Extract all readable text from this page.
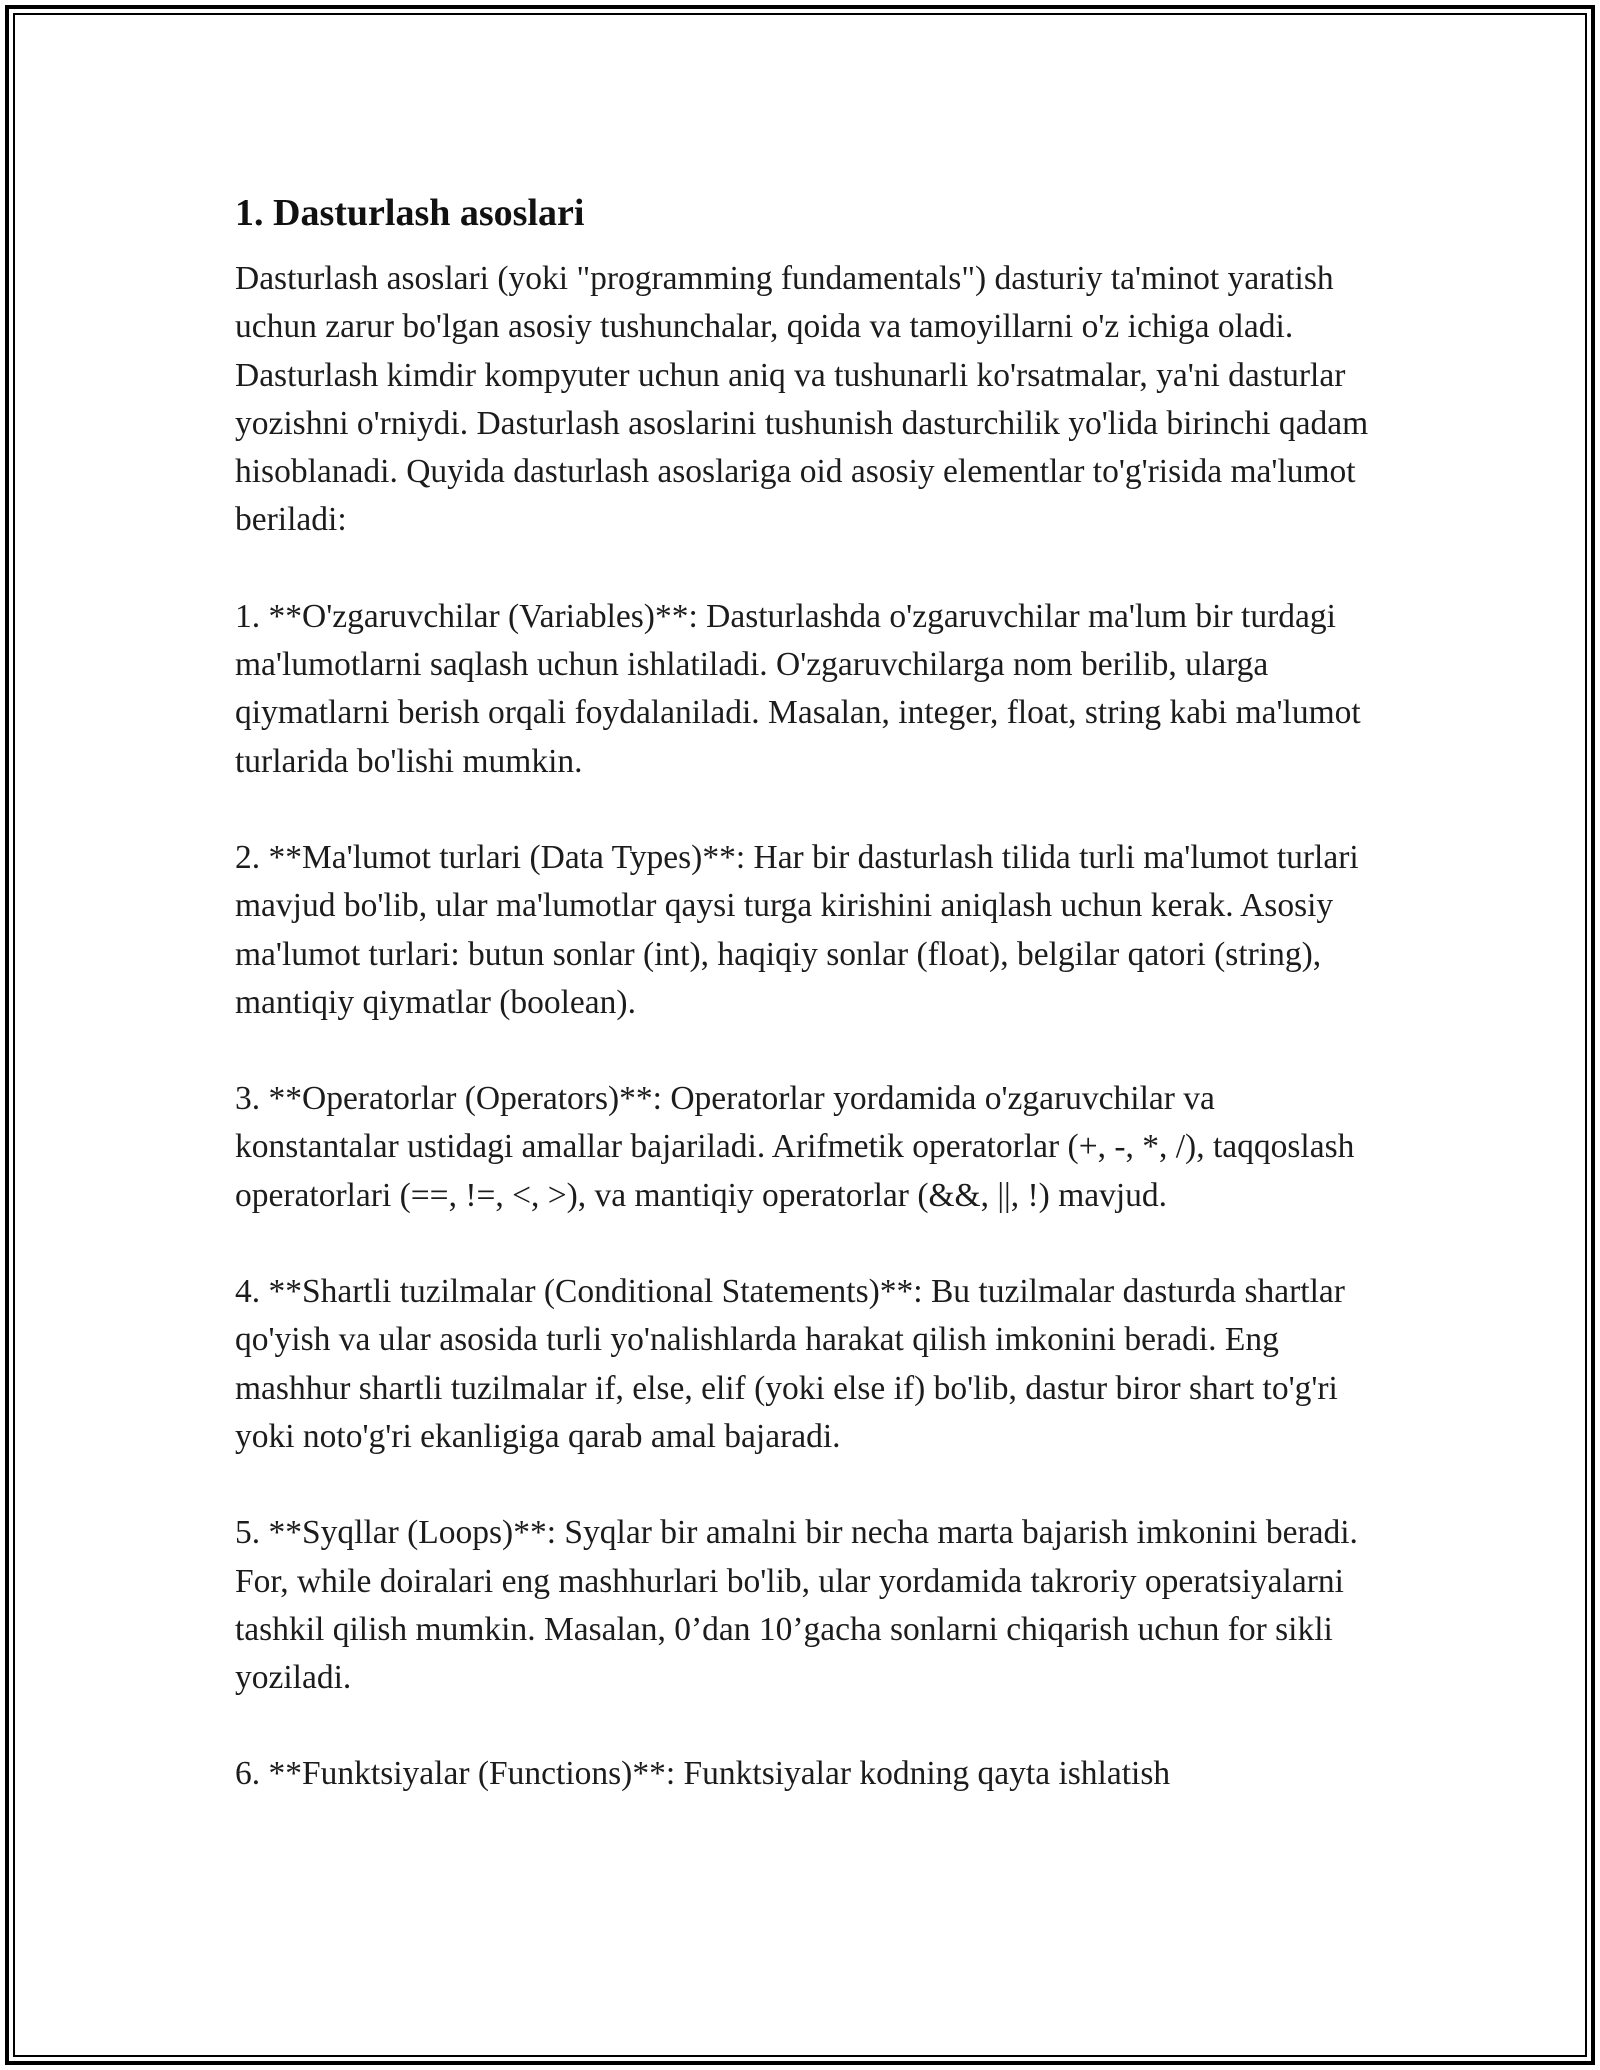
1. Dasturlash asoslari

Dasturlash asoslari (yoki "programming fundamentals") dasturiy ta'minot yaratish uchun zarur bo'lgan asosiy tushunchalar, qoida va tamoyillarni o'z ichiga oladi. Dasturlash kimdir kompyuter uchun aniq va tushunarli ko'rsatmalar, ya'ni dasturlar yozishni o'rniydi. Dasturlash asoslarini tushunish dasturchilik yo'lida birinchi qadam hisoblanadi. Quyida dasturlash asoslariga oid asosiy elementlar to'g'risida ma'lumot beriladi:

1. **O'zgaruvchilar (Variables)**: Dasturlashda o'zgaruvchilar ma'lum bir turdagi ma'lumotlarni saqlash uchun ishlatiladi. O'zgaruvchilarga nom berilib, ularga qiymatlarni berish orqali foydalaniladi. Masalan, integer, float, string kabi ma'lumot turlarida bo'lishi mumkin.

2. **Ma'lumot turlari (Data Types)**: Har bir dasturlash tilida turli ma'lumot turlari mavjud bo'lib, ular ma'lumotlar qaysi turga kirishini aniqlash uchun kerak. Asosiy ma'lumot turlari: butun sonlar (int), haqiqiy sonlar (float), belgilar qatori (string), mantiqiy qiymatlar (boolean).

3. **Operatorlar (Operators)**: Operatorlar yordamida o'zgaruvchilar va konstantalar ustidagi amallar bajariladi. Arifmetik operatorlar (+, -, *, /), taqqoslash operatorlari (==, !=, <, >), va mantiqiy operatorlar (&&, ||, !) mavjud.

4. **Shartli tuzilmalar (Conditional Statements)**: Bu tuzilmalar dasturda shartlar qo'yish va ular asosida turli yo'nalishlarda harakat qilish imkonini beradi. Eng mashhur shartli tuzilmalar if, else, elif (yoki else if) bo'lib, dastur biror shart to'g'ri yoki noto'g'ri ekanligiga qarab amal bajaradi.

5. **Syqllar (Loops)**: Syqlar bir amalni bir necha marta bajarish imkonini beradi. For, while doiralari eng mashhurlari bo'lib, ular yordamida takroriy operatsiyalarni tashkil qilish mumkin. Masalan, 0’dan 10’gacha sonlarni chiqarish uchun for sikli yoziladi.

6. **Funktsiyalar (Functions)**: Funktsiyalar kodning qayta ishlatish
